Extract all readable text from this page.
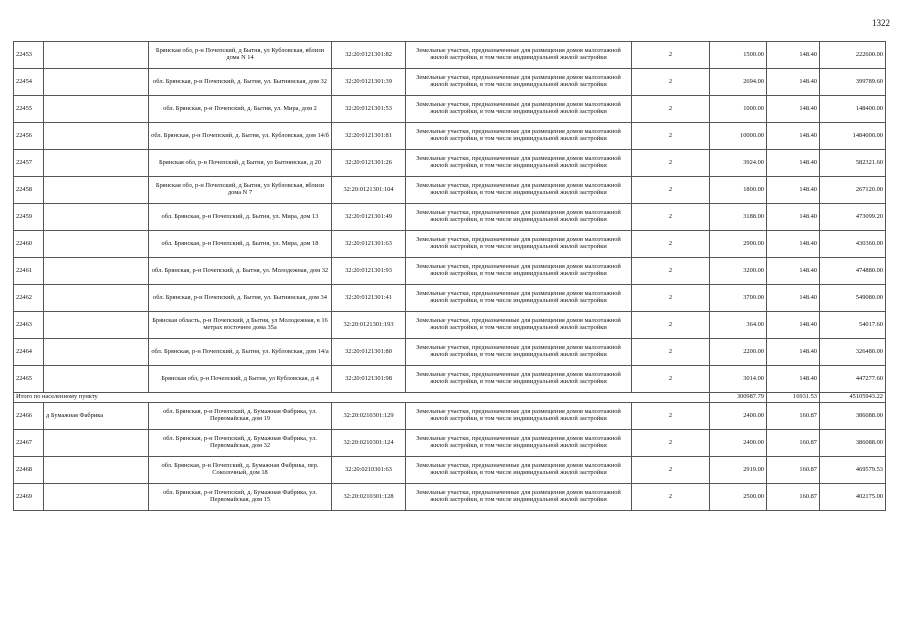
1322
22453		Брянская обл, р-н Почепский, д Бытня, ул Кубловская, вблизи дома N 14	32:20:0121301:82	Земельные участки, предназначенные для размещения домов малоэтажной жилой застройки, в том числе индивидуальной жилой застройки	2	1500.00	148.40	222600.00
22454		обл. Брянская, р-н Почепский, д. Бытня, ул. Бытнянская, дом 32	32:20:0121301:39	Земельные участки, предназначенные для размещения домов малоэтажной жилой застройки, в том числе индивидуальной жилой застройки	2	2694.00	148.40	399789.60
22455		обл. Брянская, р-н Почепский, д. Бытня, ул. Мира, дом 2	32:20:0121301:53	Земельные участки, предназначенные для размещения домов малоэтажной жилой застройки, в том числе индивидуальной жилой застройки	2	1000.00	148.40	148400.00
22456		обл. Брянская, р-н Почепский, д. Бытня, ул. Кубловская, дом 14/б	32:20:0121301:81	Земельные участки, предназначенные для размещения домов малоэтажной жилой застройки, в том числе индивидуальной жилой застройки	2	10000.00	148.40	1484000.00
22457		Брянская обл, р-н Почепский, д Бытня, ул Бытнянская, д 20	32:20:0121301:26	Земельные участки, предназначенные для размещения домов малоэтажной жилой застройки, в том числе индивидуальной жилой застройки	2	3924.00	148.40	582321.60
22458		Брянская обл, р-н Почепский, д Бытня, ул Кубловская, вблизи дома N 7	32:20:0121301:104	Земельные участки, предназначенные для размещения домов малоэтажной жилой застройки, в том числе индивидуальной жилой застройки	2	1800.00	148.40	267120.00
22459		обл. Брянская, р-н Почепский, д. Бытня, ул. Мира, дом 13	32:20:0121301:49	Земельные участки, предназначенные для размещения домов малоэтажной жилой застройки, в том числе индивидуальной жилой застройки	2	3188.00	148.40	473099.20
22460		обл. Брянская, р-н Почепский, д. Бытня, ул. Мира, дом 18	32:20:0121301:63	Земельные участки, предназначенные для размещения домов малоэтажной жилой застройки, в том числе индивидуальной жилой застройки	2	2900.00	148.40	430360.00
22461		обл. Брянская, р-н Почепский, д. Бытня, ул. Молодежная, дом 32	32:20:0121301:93	Земельные участки, предназначенные для размещения домов малоэтажной жилой застройки, в том числе индивидуальной жилой застройки	2	3200.00	148.40	474880.00
22462		обл. Брянская, р-н Почепский, д. Бытня, ул. Бытнянская, дом 34	32:20:0121301:41	Земельные участки, предназначенные для размещения домов малоэтажной жилой застройки, в том числе индивидуальной жилой застройки	2	3700.00	148.40	549080.00
22463		Брянская область, р-н Почепский, д Бытня, ул Молодежная, в 16 метрах восточнее дома 35а	32:20:0121301:193	Земельные участки, предназначенные для размещения домов малоэтажной жилой застройки, в том числе индивидуальной жилой застройки	2	364.00	148.40	54017.60
22464		обл. Брянская, р-н Почепский, д. Бытня, ул. Кубловская, дом 14/а	32:20:0121301:80	Земельные участки, предназначенные для размещения домов малоэтажной жилой застройки, в том числе индивидуальной жилой застройки	2	2200.00	148.40	326480.00
22465		Брянская обл, р-н Почепский, д Бытня, ул Кубловская, д 4	32:20:0121301:98	Земельные участки, предназначенные для размещения домов малоэтажной жилой застройки, в том числе индивидуальной жилой застройки	2	3014.00	148.40	447277.60
Итого по населенному пункту						300987.79	16931.53	45105943.22
22466	д Бумажная Фабрика	обл. Брянская, р-н Почепский, д. Бумажная Фабрика, ул. Первомайская, дом 19	32:20:0210301:129	Земельные участки, предназначенные для размещения домов малоэтажной жилой застройки, в том числе индивидуальной жилой застройки	2	2400.00	160.87	386088.00
22467		обл. Брянская, р-н Почепский, д. Бумажная Фабрика, ул. Первомайская, дом 32	32:20:0210301:124	Земельные участки, предназначенные для размещения домов малоэтажной жилой застройки, в том числе индивидуальной жилой застройки	2	2400.00	160.87	386088.00
22468		обл. Брянская, р-н Почепский, д. Бумажная Фабрика, пер. Соколочный, дом 18	32:20:0210301:63	Земельные участки, предназначенные для размещения домов малоэтажной жилой застройки, в том числе индивидуальной жилой застройки	2	2919.00	160.87	469579.53
22469		обл. Брянская, р-н Почепский, д. Бумажная Фабрика, ул. Первомайская, дом 15	32:20:0210301:128	Земельные участки, предназначенные для размещения домов малоэтажной жилой застройки, в том числе индивидуальной жилой застройки	2	2500.00	160.87	402175.00
